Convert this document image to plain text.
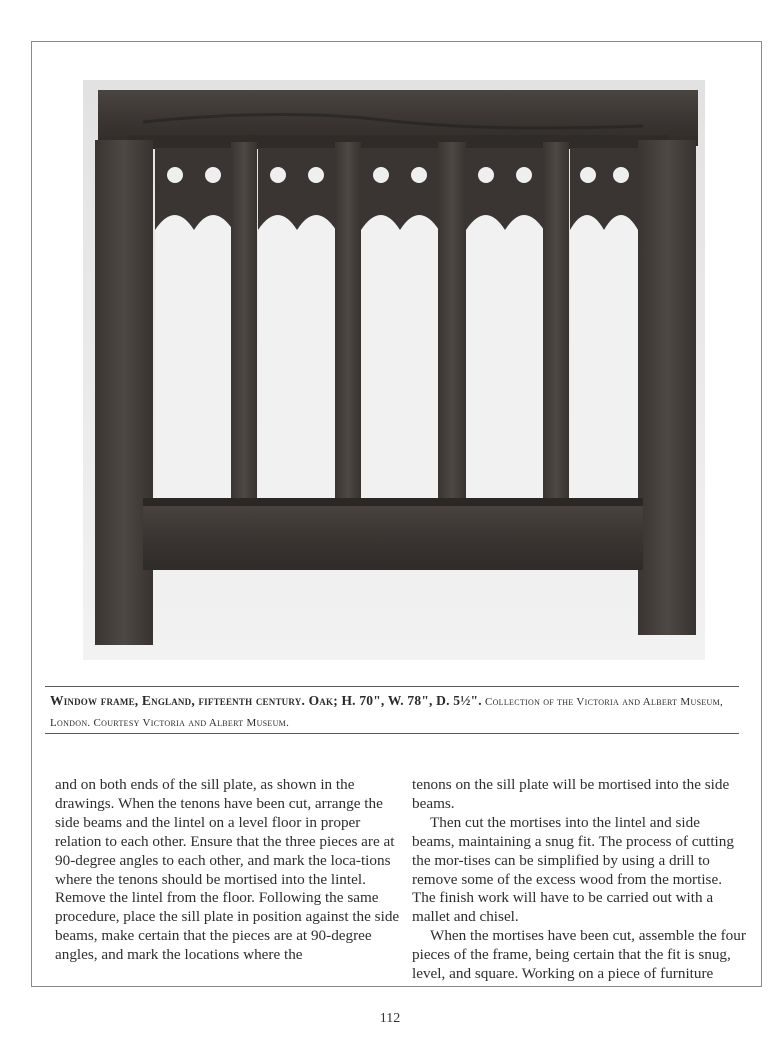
Window frame, England, fifteenth century. Oak; H. 70", W. 78", D. 5½". Collection of the Victoria and Albert Museum, London. Courtesy Victoria and Albert Museum.

and on both ends of the sill plate, as shown in the drawings. When the tenons have been cut, arrange the side beams and the lintel on a level floor in proper relation to each other. Ensure that the three pieces are at 90-degree angles to each other, and mark the loca-tions where the tenons should be mortised into the lintel. Remove the lintel from the floor. Following the same procedure, place the sill plate in position against the side beams, make certain that the pieces are at 90-degree angles, and mark the locations where the

tenons on the sill plate will be mortised into the side beams.

Then cut the mortises into the lintel and side beams, maintaining a snug fit. The process of cutting the mor-tises can be simplified by using a drill to remove some of the excess wood from the mortise. The finish work will have to be carried out with a mallet and chisel.

When the mortises have been cut, assemble the four pieces of the frame, being certain that the fit is snug, level, and square. Working on a piece of furniture

112
